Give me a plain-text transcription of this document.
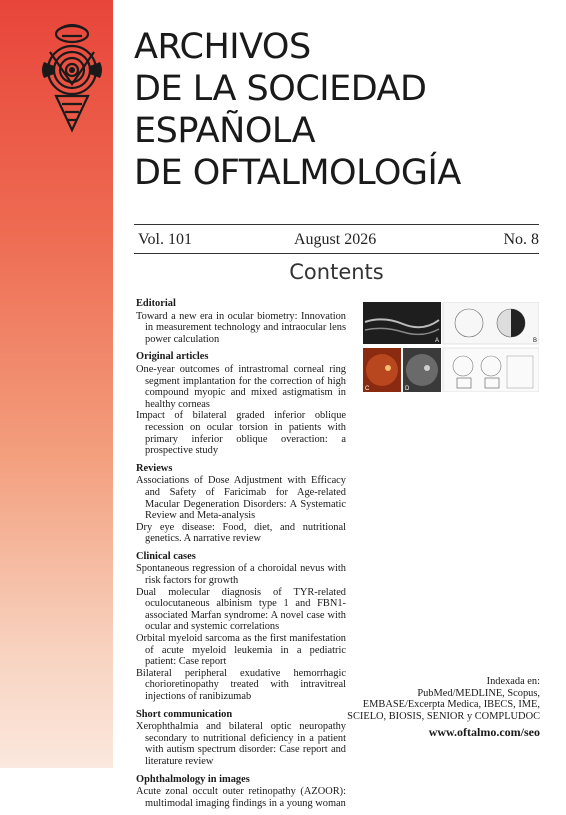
ARCHIVOS
DE LA SOCIEDAD
ESPAÑOLA
DE OFTALMOLOGÍA
Vol. 101	August 2026	No. 8
Contents

Editorial

Toward a new era in ocular biometry: Innovation in measurement technology and intraocular lens power calculation

Original articles

One-year outcomes of intrastromal corneal ring segment implantation for the correction of high compound myopic and mixed astigmatism in healthy corneas

Impact of bilateral graded inferior oblique recession on ocular torsion in patients with primary inferior oblique overaction: a prospective study

Reviews

Associations of Dose Adjustment with Efficacy and Safety of Faricimab for Age-related Macular Degeneration Disorders: A Systematic Review and Meta-analysis

Dry eye disease: Food, diet, and nutritional genetics. A narrative review

Clinical cases

Spontaneous regression of a choroidal nevus with risk factors for growth

Dual molecular diagnosis of TYR-related oculocutaneous albinism type 1 and FBN1-associated Marfan syndrome: A novel case with ocular and systemic correlations

Orbital myeloid sarcoma as the first manifestation of acute myeloid leukemia in a pediatric patient: Case report

Bilateral peripheral exudative hemorrhagic chorioretinopathy treated with intravitreal injections of ranibizumab

Short communication

Xerophthalmia and bilateral optic neuropathy secondary to nutritional deficiency in a patient with autism spectrum disorder: Case report and literature review

Ophthalmology in images

Acute zonal occult outer retinopathy (AZOOR): multimodal imaging findings in a young woman

A	B
C	D
Indexada en:
PubMed/MEDLINE, Scopus,
EMBASE/Excerpta Medica, IBECS, IME,
SCIELO, BIOSIS, SENIOR y COMPLUDOC
www.oftalmo.com/seo
